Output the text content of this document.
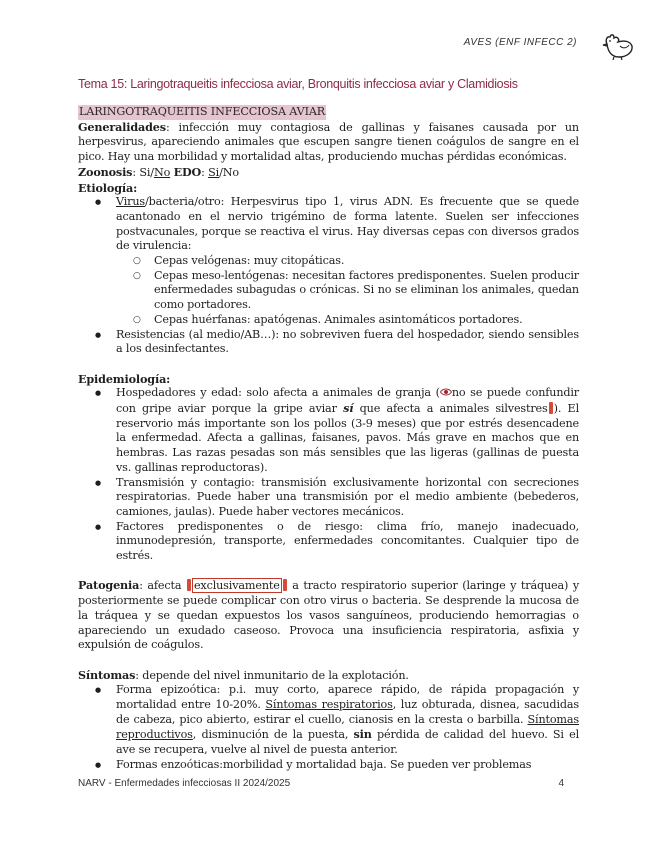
AVES (ENF INFECC 2)
Tema 15: Laringotraqueitis infecciosa aviar, Bronquitis infecciosa aviar y Clamidiosis
LARINGOTRAQUEITIS INFECCIOSA AVIAR

Generalidades: infección muy contagiosa de gallinas y faisanes causada por un herpesvirus, apareciendo animales que escupen sangre tienen coágulos de sangre en el pico. Hay una morbilidad y mortalidad altas, produciendo muchas pérdidas económicas.

Zoonosis: Si/No EDO: Si/No

Etiología:

● Virus/bacteria/otro: Herpesvirus tipo 1, virus ADN. Es frecuente que se quede acantonado en el nervio trigémino de forma latente. Suelen ser infecciones postvacunales, porque se reactiva el virus. Hay diversas cepas con diversos grados de virulencia:
○ Cepas velógenas: muy citopáticas.
○ Cepas meso-lentógenas: necesitan factores predisponentes. Suelen producir enfermedades subagudas o crónicas. Si no se eliminan los animales, quedan como portadores.
○ Cepas huérfanas: apatógenas. Animales asintomáticos portadores.
● Resistencias (al medio/AB…): no sobreviven fuera del hospedador, siendo sensibles a los desinfectantes.

Epidemiología:

● Hospedadores y edad: solo afecta a animales de granja ( no se puede confundir con gripe aviar porque la gripe aviar sí que afecta a animales silvestres ). El reservorio más importante son los pollos (3-9 meses) que por estrés desencadene la enfermedad. Afecta a gallinas, faisanes, pavos. Más grave en machos que en hembras. Las razas pesadas son más sensibles que las ligeras (gallinas de puesta vs. gallinas reproductoras).
● Transmisión y contagio: transmisión exclusivamente horizontal con secreciones respiratorias. Puede haber una transmisión por el medio ambiente (bebederos, camiones, jaulas). Puede haber vectores mecánicos.
● Factores predisponentes o de riesgo: clima frío, manejo inadecuado, inmunodepresión, transporte, enfermedades concomitantes. Cualquier tipo de estrés.

Patogenia: afecta exclusivamente a tracto respiratorio superior (laringe y tráquea) y posteriormente se puede complicar con otro virus o bacteria. Se desprende la mucosa de la tráquea y se quedan expuestos los vasos sanguíneos, produciendo hemorragias o apareciendo un exudado caseoso. Provoca una insuficiencia respiratoria, asfixia y expulsión de coágulos.

Síntomas: depende del nivel inmunitario de la explotación.

● Forma epizoótica: p.i. muy corto, aparece rápido, de rápida propagación y mortalidad entre 10-20%. Síntomas respiratorios, luz obturada, disnea, sacudidas de cabeza, pico abierto, estirar el cuello, cianosis en la cresta o barbilla. Síntomas reproductivos, disminución de la puesta, sin pérdida de calidad del huevo. Si el ave se recupera, vuelve al nivel de puesta anterior.
● Formas enzoóticas:morbilidad y mortalidad baja. Se pueden ver problemas
NARV - Enfermedades infecciosas II 2024/2025	4
